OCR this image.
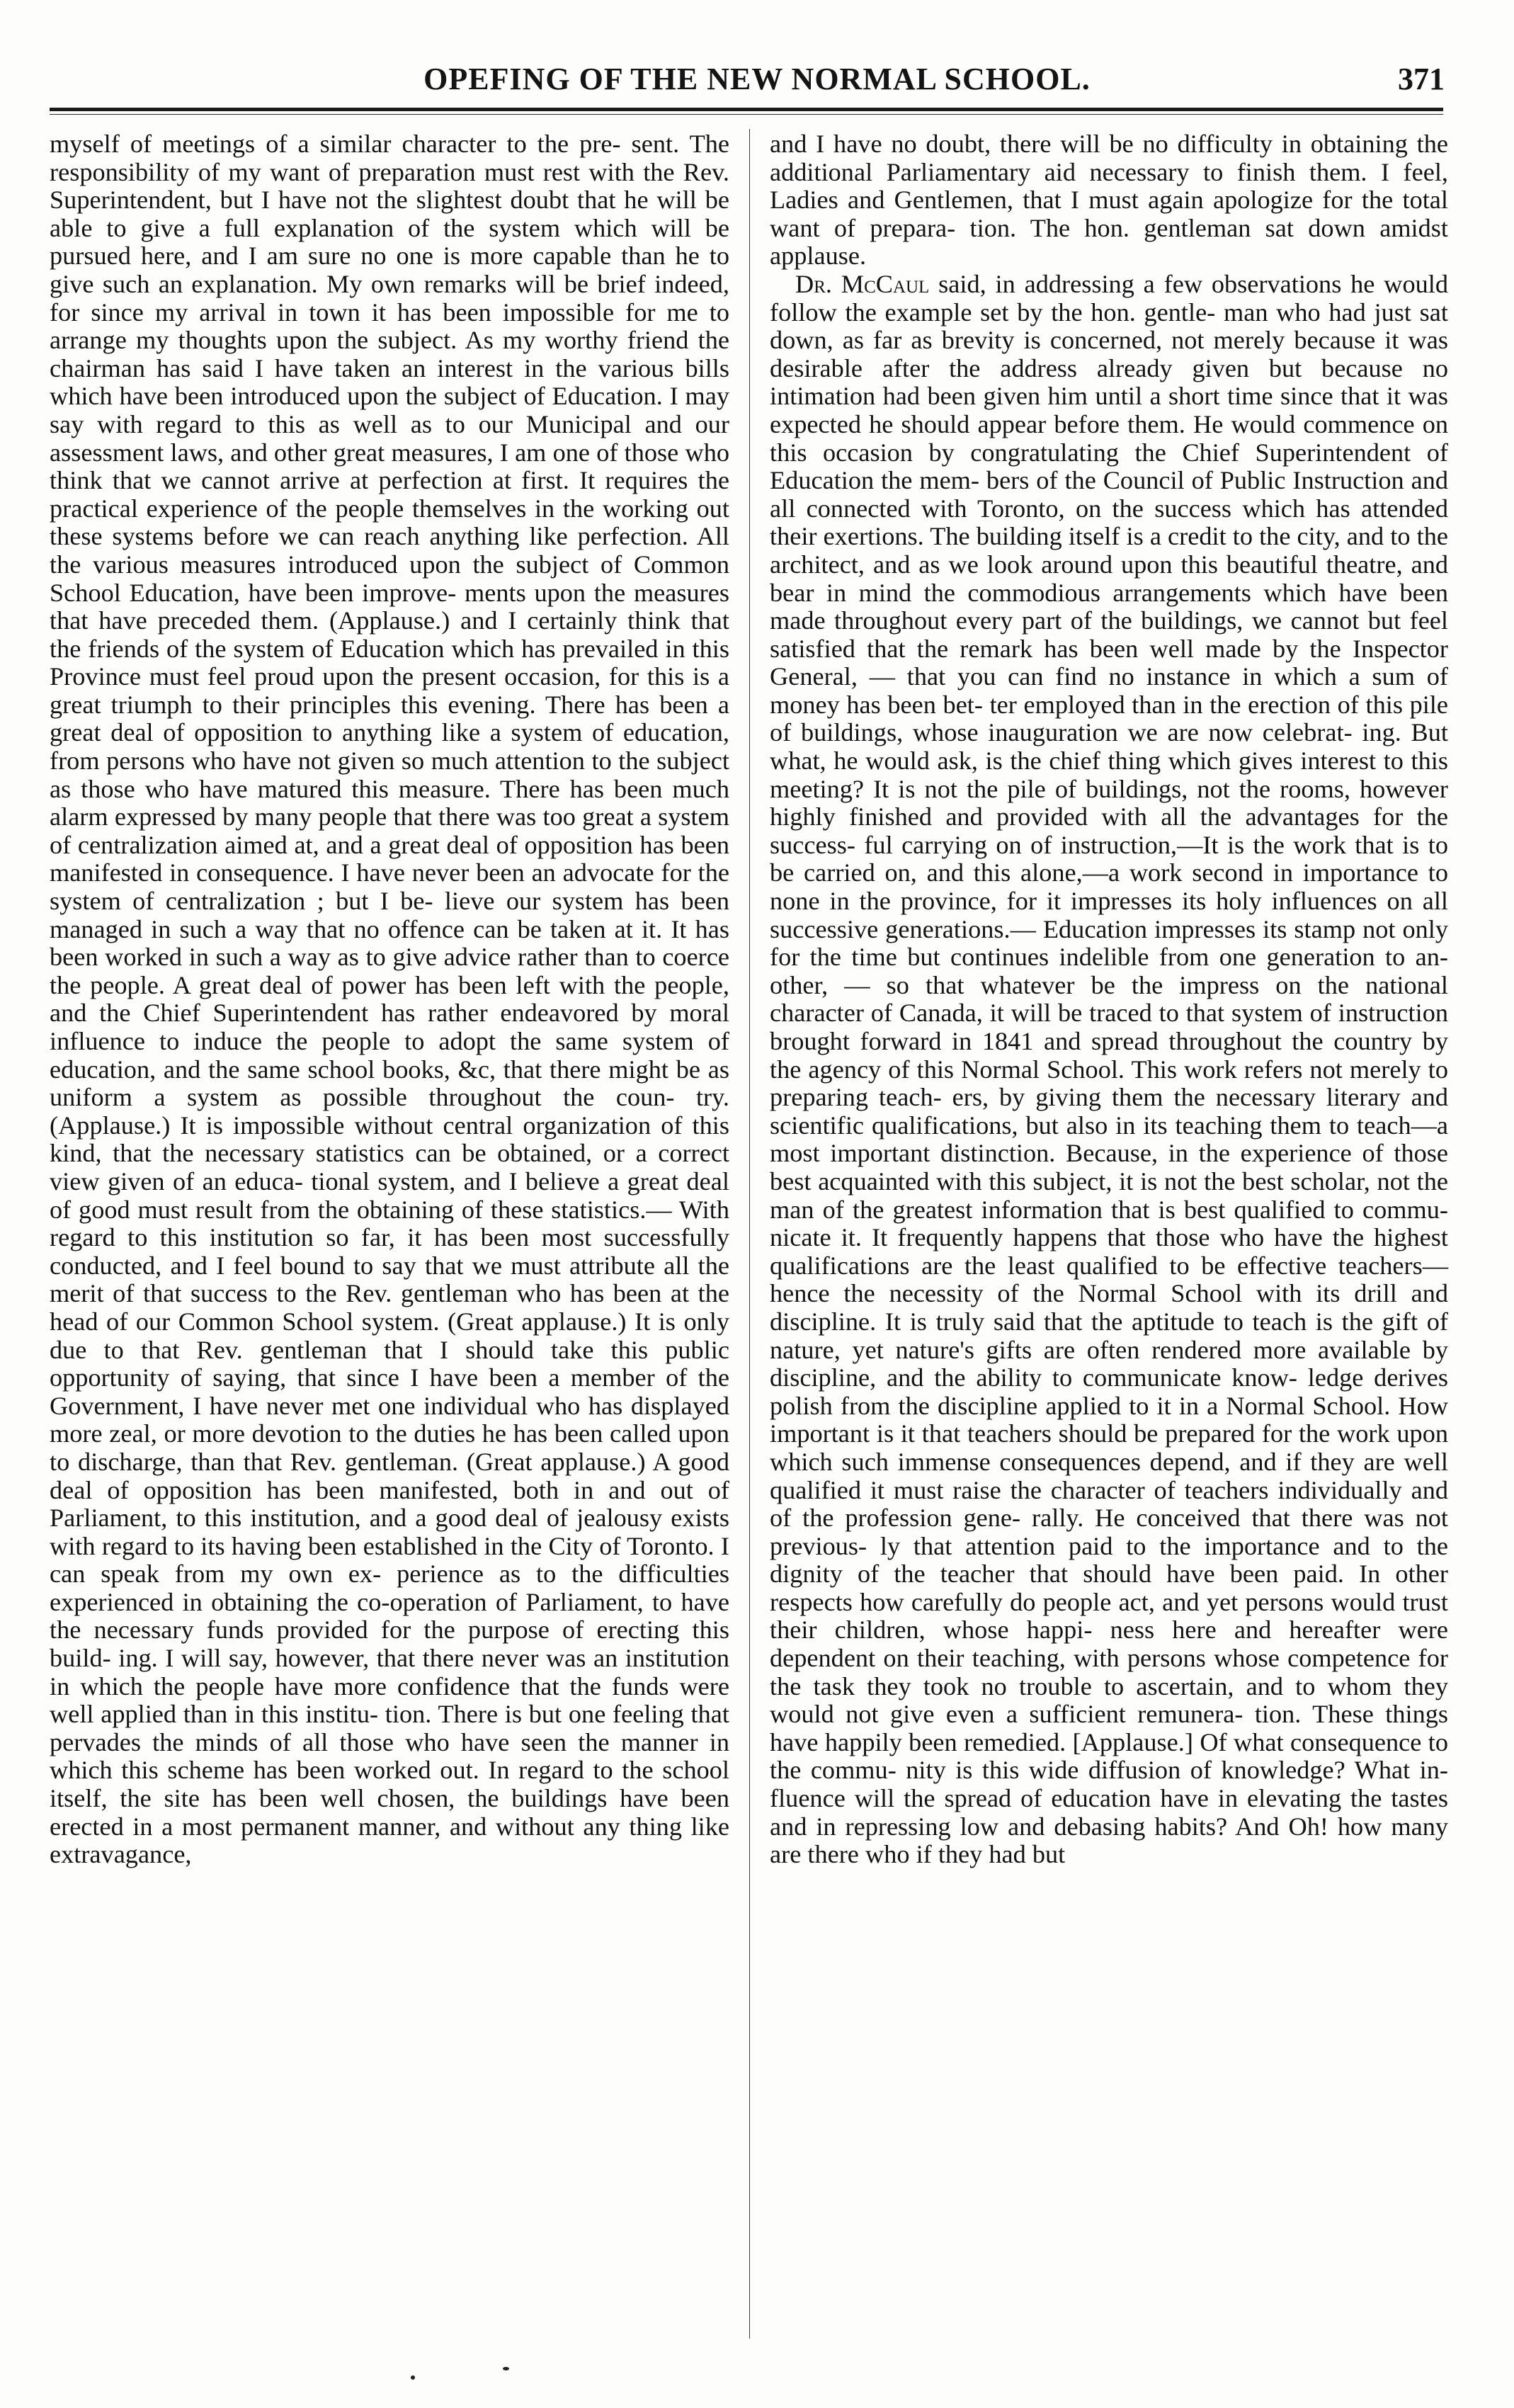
OPEFING OF THE NEW NORMAL SCHOOL.	371

myself of meetings of a similar character to the pre- sent. The responsibility of my want of preparation must rest with the Rev. Superintendent, but I have not the slightest doubt that he will be able to give a full explanation of the system which will be pursued here, and I am sure no one is more capable than he to give such an explanation. My own remarks will be brief indeed, for since my arrival in town it has been impossible for me to arrange my thoughts upon the subject. As my worthy friend the chairman has said I have taken an interest in the various bills which have been introduced upon the subject of Education. I may say with regard to this as well as to our Municipal and our assessment laws, and other great measures, I am one of those who think that we cannot arrive at perfection at first. It requires the practical experience of the people themselves in the working out these systems before we can reach anything like perfection. All the various measures introduced upon the subject of Common School Education, have been improve- ments upon the measures that have preceded them. (Applause.) and I certainly think that the friends of the system of Education which has prevailed in this Province must feel proud upon the present occasion, for this is a great triumph to their principles this evening. There has been a great deal of opposition to anything like a system of education, from persons who have not given so much attention to the subject as those who have matured this measure. There has been much alarm expressed by many people that there was too great a system of centralization aimed at, and a great deal of opposition has been manifested in consequence. I have never been an advocate for the system of centralization ; but I be- lieve our system has been managed in such a way that no offence can be taken at it. It has been worked in such a way as to give advice rather than to coerce the people. A great deal of power has been left with the people, and the Chief Superintendent has rather endeavored by moral influence to induce the people to adopt the same system of education, and the same school books, &c, that there might be as uniform a system as possible throughout the coun- try. (Applause.) It is impossible without central organization of this kind, that the necessary statistics can be obtained, or a correct view given of an educa- tional system, and I believe a great deal of good must result from the obtaining of these statistics.— With regard to this institution so far, it has been most successfully conducted, and I feel bound to say that we must attribute all the merit of that success to the Rev. gentleman who has been at the head of our Common School system. (Great applause.) It is only due to that Rev. gentleman that I should take this public opportunity of saying, that since I have been a member of the Government, I have never met one individual who has displayed more zeal, or more devotion to the duties he has been called upon to discharge, than that Rev. gentleman. (Great applause.) A good deal of opposition has been manifested, both in and out of Parliament, to this institution, and a good deal of jealousy exists with regard to its having been established in the City of Toronto. I can speak from my own ex- perience as to the difficulties experienced in obtaining the co-operation of Parliament, to have the necessary funds provided for the purpose of erecting this build- ing. I will say, however, that there never was an institution in which the people have more confidence that the funds were well applied than in this institu- tion. There is but one feeling that pervades the minds of all those who have seen the manner in which this scheme has been worked out. In regard to the school itself, the site has been well chosen, the buildings have been erected in a most permanent manner, and without any thing like extravagance,

and I have no doubt, there will be no difficulty in obtaining the additional Parliamentary aid necessary to finish them. I feel, Ladies and Gentlemen, that I must again apologize for the total want of prepara- tion. The hon. gentleman sat down amidst applause.

Dr. McCaul said, in addressing a few observations he would follow the example set by the hon. gentle- man who had just sat down, as far as brevity is concerned, not merely because it was desirable after the address already given but because no intimation had been given him until a short time since that it was expected he should appear before them. He would commence on this occasion by congratulating the Chief Superintendent of Education the mem- bers of the Council of Public Instruction and all connected with Toronto, on the success which has attended their exertions. The building itself is a credit to the city, and to the architect, and as we look around upon this beautiful theatre, and bear in mind the commodious arrangements which have been made throughout every part of the buildings, we cannot but feel satisfied that the remark has been well made by the Inspector General, — that you can find no instance in which a sum of money has been bet- ter employed than in the erection of this pile of buildings, whose inauguration we are now celebrat- ing. But what, he would ask, is the chief thing which gives interest to this meeting? It is not the pile of buildings, not the rooms, however highly finished and provided with all the advantages for the success- ful carrying on of instruction,—It is the work that is to be carried on, and this alone,—a work second in importance to none in the province, for it impresses its holy influences on all successive generations.— Education impresses its stamp not only for the time but continues indelible from one generation to an- other, — so that whatever be the impress on the national character of Canada, it will be traced to that system of instruction brought forward in 1841 and spread throughout the country by the agency of this Normal School. This work refers not merely to preparing teach- ers, by giving them the necessary literary and scientific qualifications, but also in its teaching them to teach—a most important distinction. Because, in the experience of those best acquainted with this subject, it is not the best scholar, not the man of the greatest information that is best qualified to commu- nicate it. It frequently happens that those who have the highest qualifications are the least qualified to be effective teachers—hence the necessity of the Normal School with its drill and discipline. It is truly said that the aptitude to teach is the gift of nature, yet nature's gifts are often rendered more available by discipline, and the ability to communicate know- ledge derives polish from the discipline applied to it in a Normal School. How important is it that teachers should be prepared for the work upon which such immense consequences depend, and if they are well qualified it must raise the character of teachers individually and of the profession gene- rally. He conceived that there was not previous- ly that attention paid to the importance and to the dignity of the teacher that should have been paid. In other respects how carefully do people act, and yet persons would trust their children, whose happi- ness here and hereafter were dependent on their teaching, with persons whose competence for the task they took no trouble to ascertain, and to whom they would not give even a sufficient remunera- tion. These things have happily been remedied. [Applause.] Of what consequence to the commu- nity is this wide diffusion of knowledge? What in- fluence will the spread of education have in elevating the tastes and in repressing low and debasing habits? And Oh! how many are there who if they had but
